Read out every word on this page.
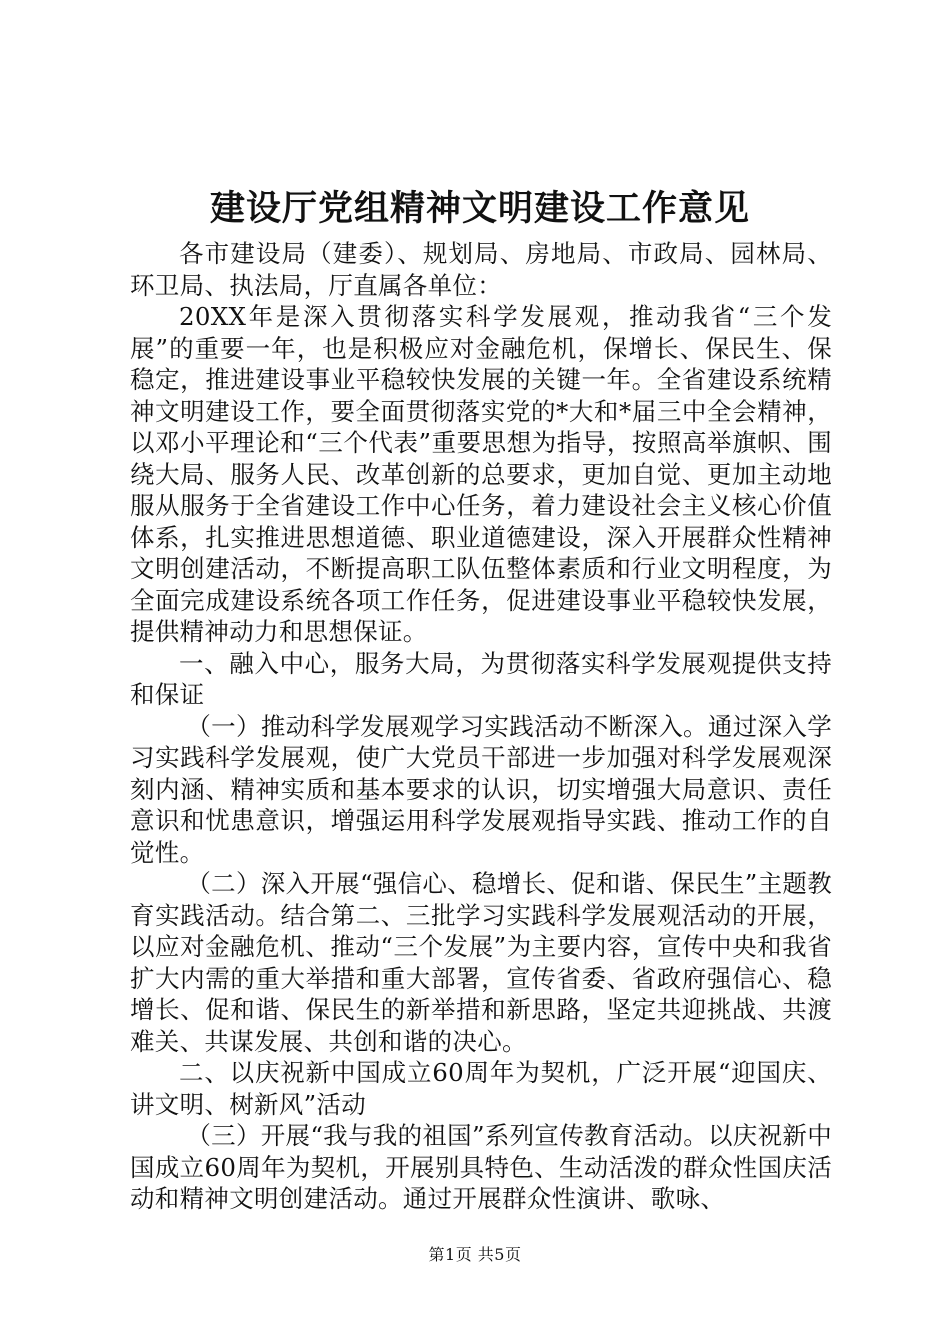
建设厅党组精神文明建设工作意见

各市建设局（建委）、规划局、房地局、市政局、园林局、环卫局、执法局，厅直属各单位：

20XX年是深入贯彻落实科学发展观，推动我省“三个发展”的重要一年，也是积极应对金融危机，保增长、保民生、保稳定，推进建设事业平稳较快发展的关键一年。全省建设系统精神文明建设工作，要全面贯彻落实党的*大和*届三中全会精神，以邓小平理论和“三个代表”重要思想为指导，按照高举旗帜、围绕大局、服务人民、改革创新的总要求，更加自觉、更加主动地服从服务于全省建设工作中心任务，着力建设社会主义核心价值体系，扎实推进思想道德、职业道德建设，深入开展群众性精神文明创建活动，不断提高职工队伍整体素质和行业文明程度，为全面完成建设系统各项工作任务，促进建设事业平稳较快发展，提供精神动力和思想保证。

一、融入中心，服务大局，为贯彻落实科学发展观提供支持和保证

（一）推动科学发展观学习实践活动不断深入。通过深入学习实践科学发展观，使广大党员干部进一步加强对科学发展观深刻内涵、精神实质和基本要求的认识，切实增强大局意识、责任意识和忧患意识，增强运用科学发展观指导实践、推动工作的自觉性。

（二）深入开展“强信心、稳增长、促和谐、保民生”主题教育实践活动。结合第二、三批学习实践科学发展观活动的开展，以应对金融危机、推动“三个发展”为主要内容，宣传中央和我省扩大内需的重大举措和重大部署，宣传省委、省政府强信心、稳增长、促和谐、保民生的新举措和新思路，坚定共迎挑战、共渡难关、共谋发展、共创和谐的决心。

二、以庆祝新中国成立60周年为契机，广泛开展“迎国庆、讲文明、树新风”活动

（三）开展“我与我的祖国”系列宣传教育活动。以庆祝新中国成立60周年为契机，开展别具特色、生动活泼的群众性国庆活动和精神文明创建活动。通过开展群众性演讲、歌咏、

第1页 共5页
